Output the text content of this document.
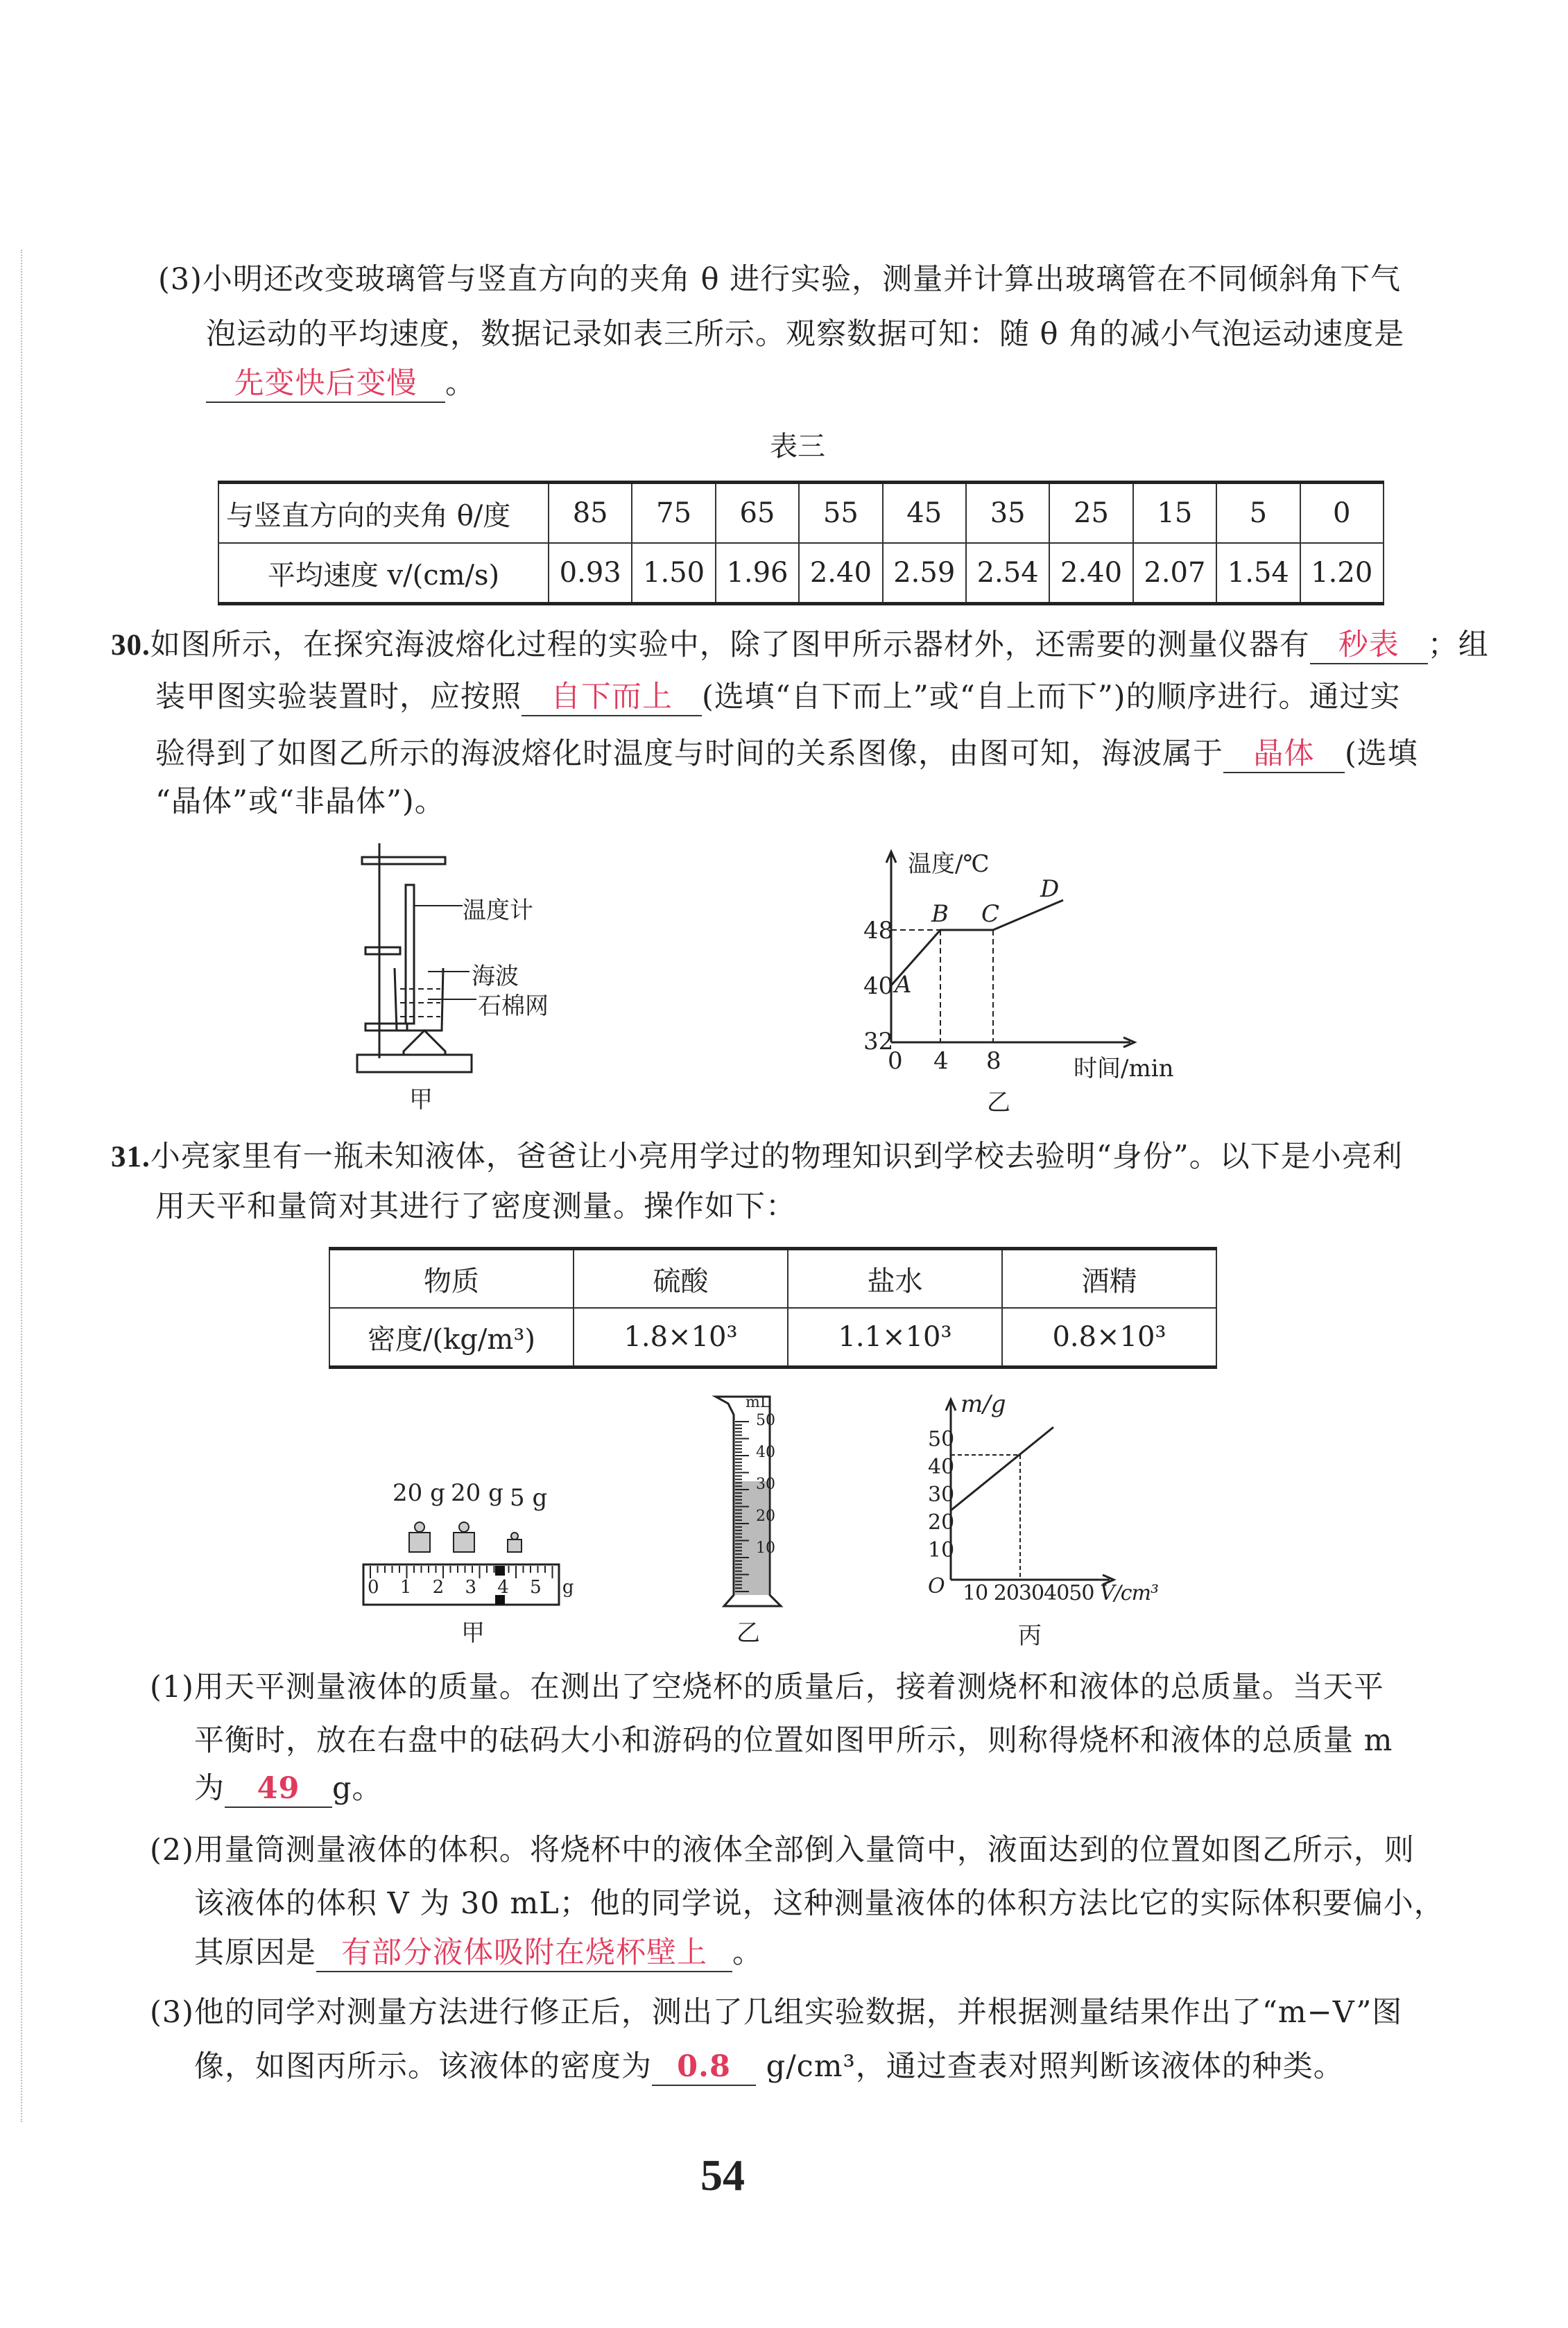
(3)小明还改变玻璃管与竖直方向的夹角 θ 进行实验，测量并计算出玻璃管在不同倾斜角下气
泡运动的平均速度，数据记录如表三所示。观察数据可知：随 θ 角的减小气泡运动速度是
先变快后变慢 。
表三
与竖直方向的夹角 θ/度	85	75	65	55	45	35	25	15	5	0
平均速度 v/(cm/s)	0.93	1.50	1.96	2.40	2.59	2.54	2.40	2.07	1.54	1.20
30.如图所示，在探究海波熔化过程的实验中，除了图甲所示器材外，还需要的测量仪器有 秒表 ；组
装甲图实验装置时，应按照 自下而上 (选填“自下而上”或“自上而下”)的顺序进行。通过实
验得到了如图乙所示的海波熔化时温度与时间的关系图像，由图可知，海波属于 晶体 (选填
“晶体”或“非晶体”)。
温度计
海波
石棉网
甲
温度/℃
时间/min
48
40
32
0 4 8
A
B C
D
乙
31.小亮家里有一瓶未知液体，爸爸让小亮用学过的物理知识到学校去验明“身份”。以下是小亮利
用天平和量筒对其进行了密度测量。操作如下：
物质	硫酸	盐水	酒精
密度/(kg/m³)	1.8×10³	1.1×10³	0.8×10³
20 g 20 g 5 g
0 1 2 3 4 5 g
甲
mL
50
40
30
20
10
乙
m/g
50
40
30
20
10
O 10 20304050 V/cm³
丙
(1)用天平测量液体的质量。在测出了空烧杯的质量后，接着测烧杯和液体的总质量。当天平
平衡时，放在右盘中的砝码大小和游码的位置如图甲所示，则称得烧杯和液体的总质量 m
为 49 g。
(2)用量筒测量液体的体积。将烧杯中的液体全部倒入量筒中，液面达到的位置如图乙所示，则
该液体的体积 V 为 30 mL；他的同学说，这种测量液体的体积方法比它的实际体积要偏小，
其原因是 有部分液体吸附在烧杯壁上 。
(3)他的同学对测量方法进行修正后，测出了几组实验数据，并根据测量结果作出了“m−V”图
像，如图丙所示。该液体的密度为 0.8 g/cm³，通过查表对照判断该液体的种类。
54
